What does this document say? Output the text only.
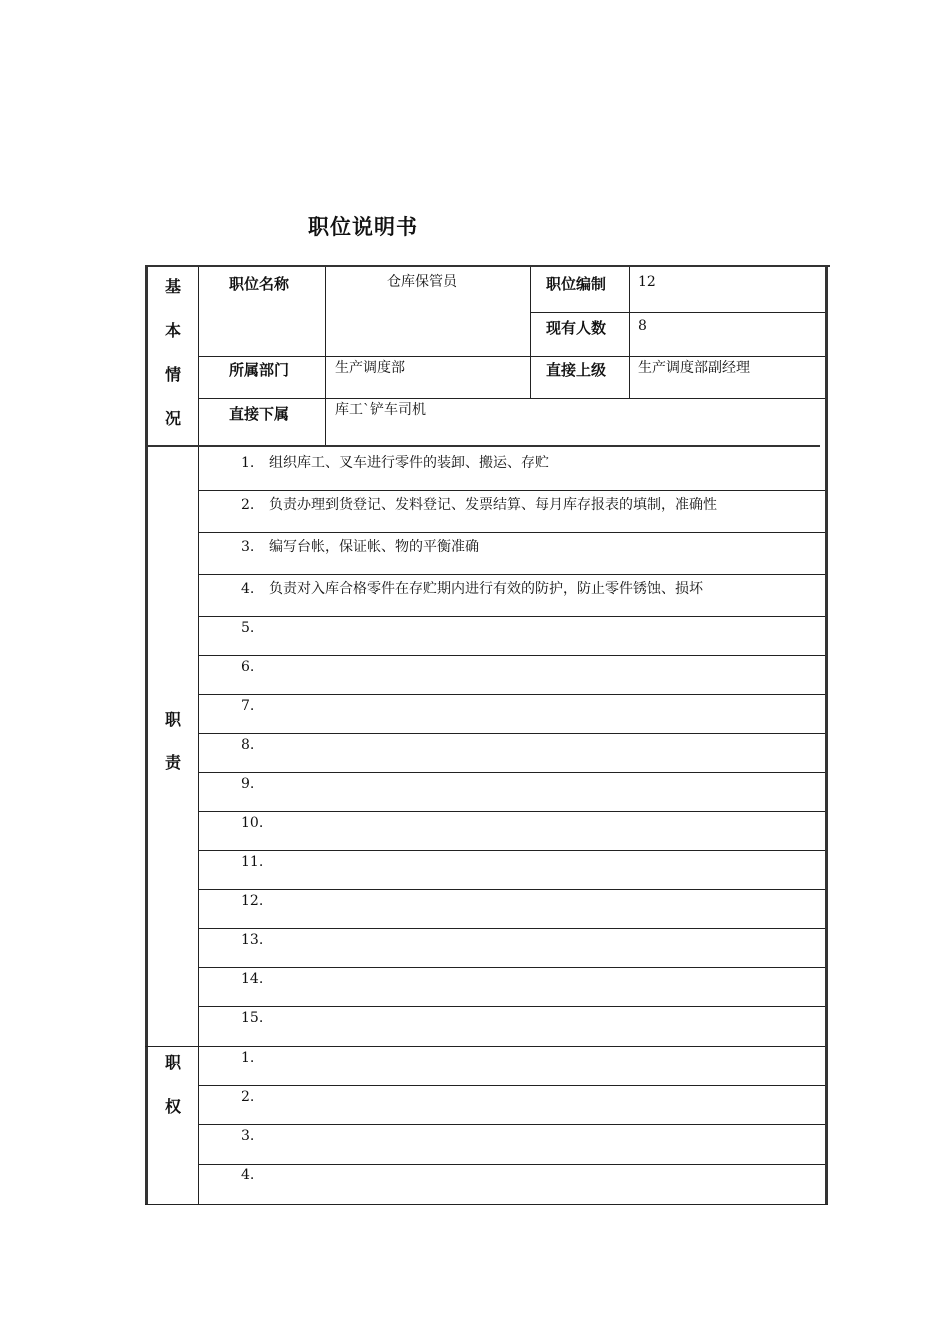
职位说明书
基
本
情
况
职
责
职
权
职位名称	仓库保管员	职位编制 12
现有人数 8
所属部门	生产调度部	直接上级 生产调度部副经理
直接下属	库工`铲车司机
1. 组织库工、叉车进行零件的装卸、搬运、存贮
2. 负责办理到货登记、发料登记、发票结算、每月库存报表的填制，准确性
3. 编写台帐，保证帐、物的平衡准确
4. 负责对入库合格零件在存贮期内进行有效的防护，防止零件锈蚀、损坏
5.
6.
7.
8.
9.
10.
11.
12.
13.
14.
15.
1.
2.
3.
4.
